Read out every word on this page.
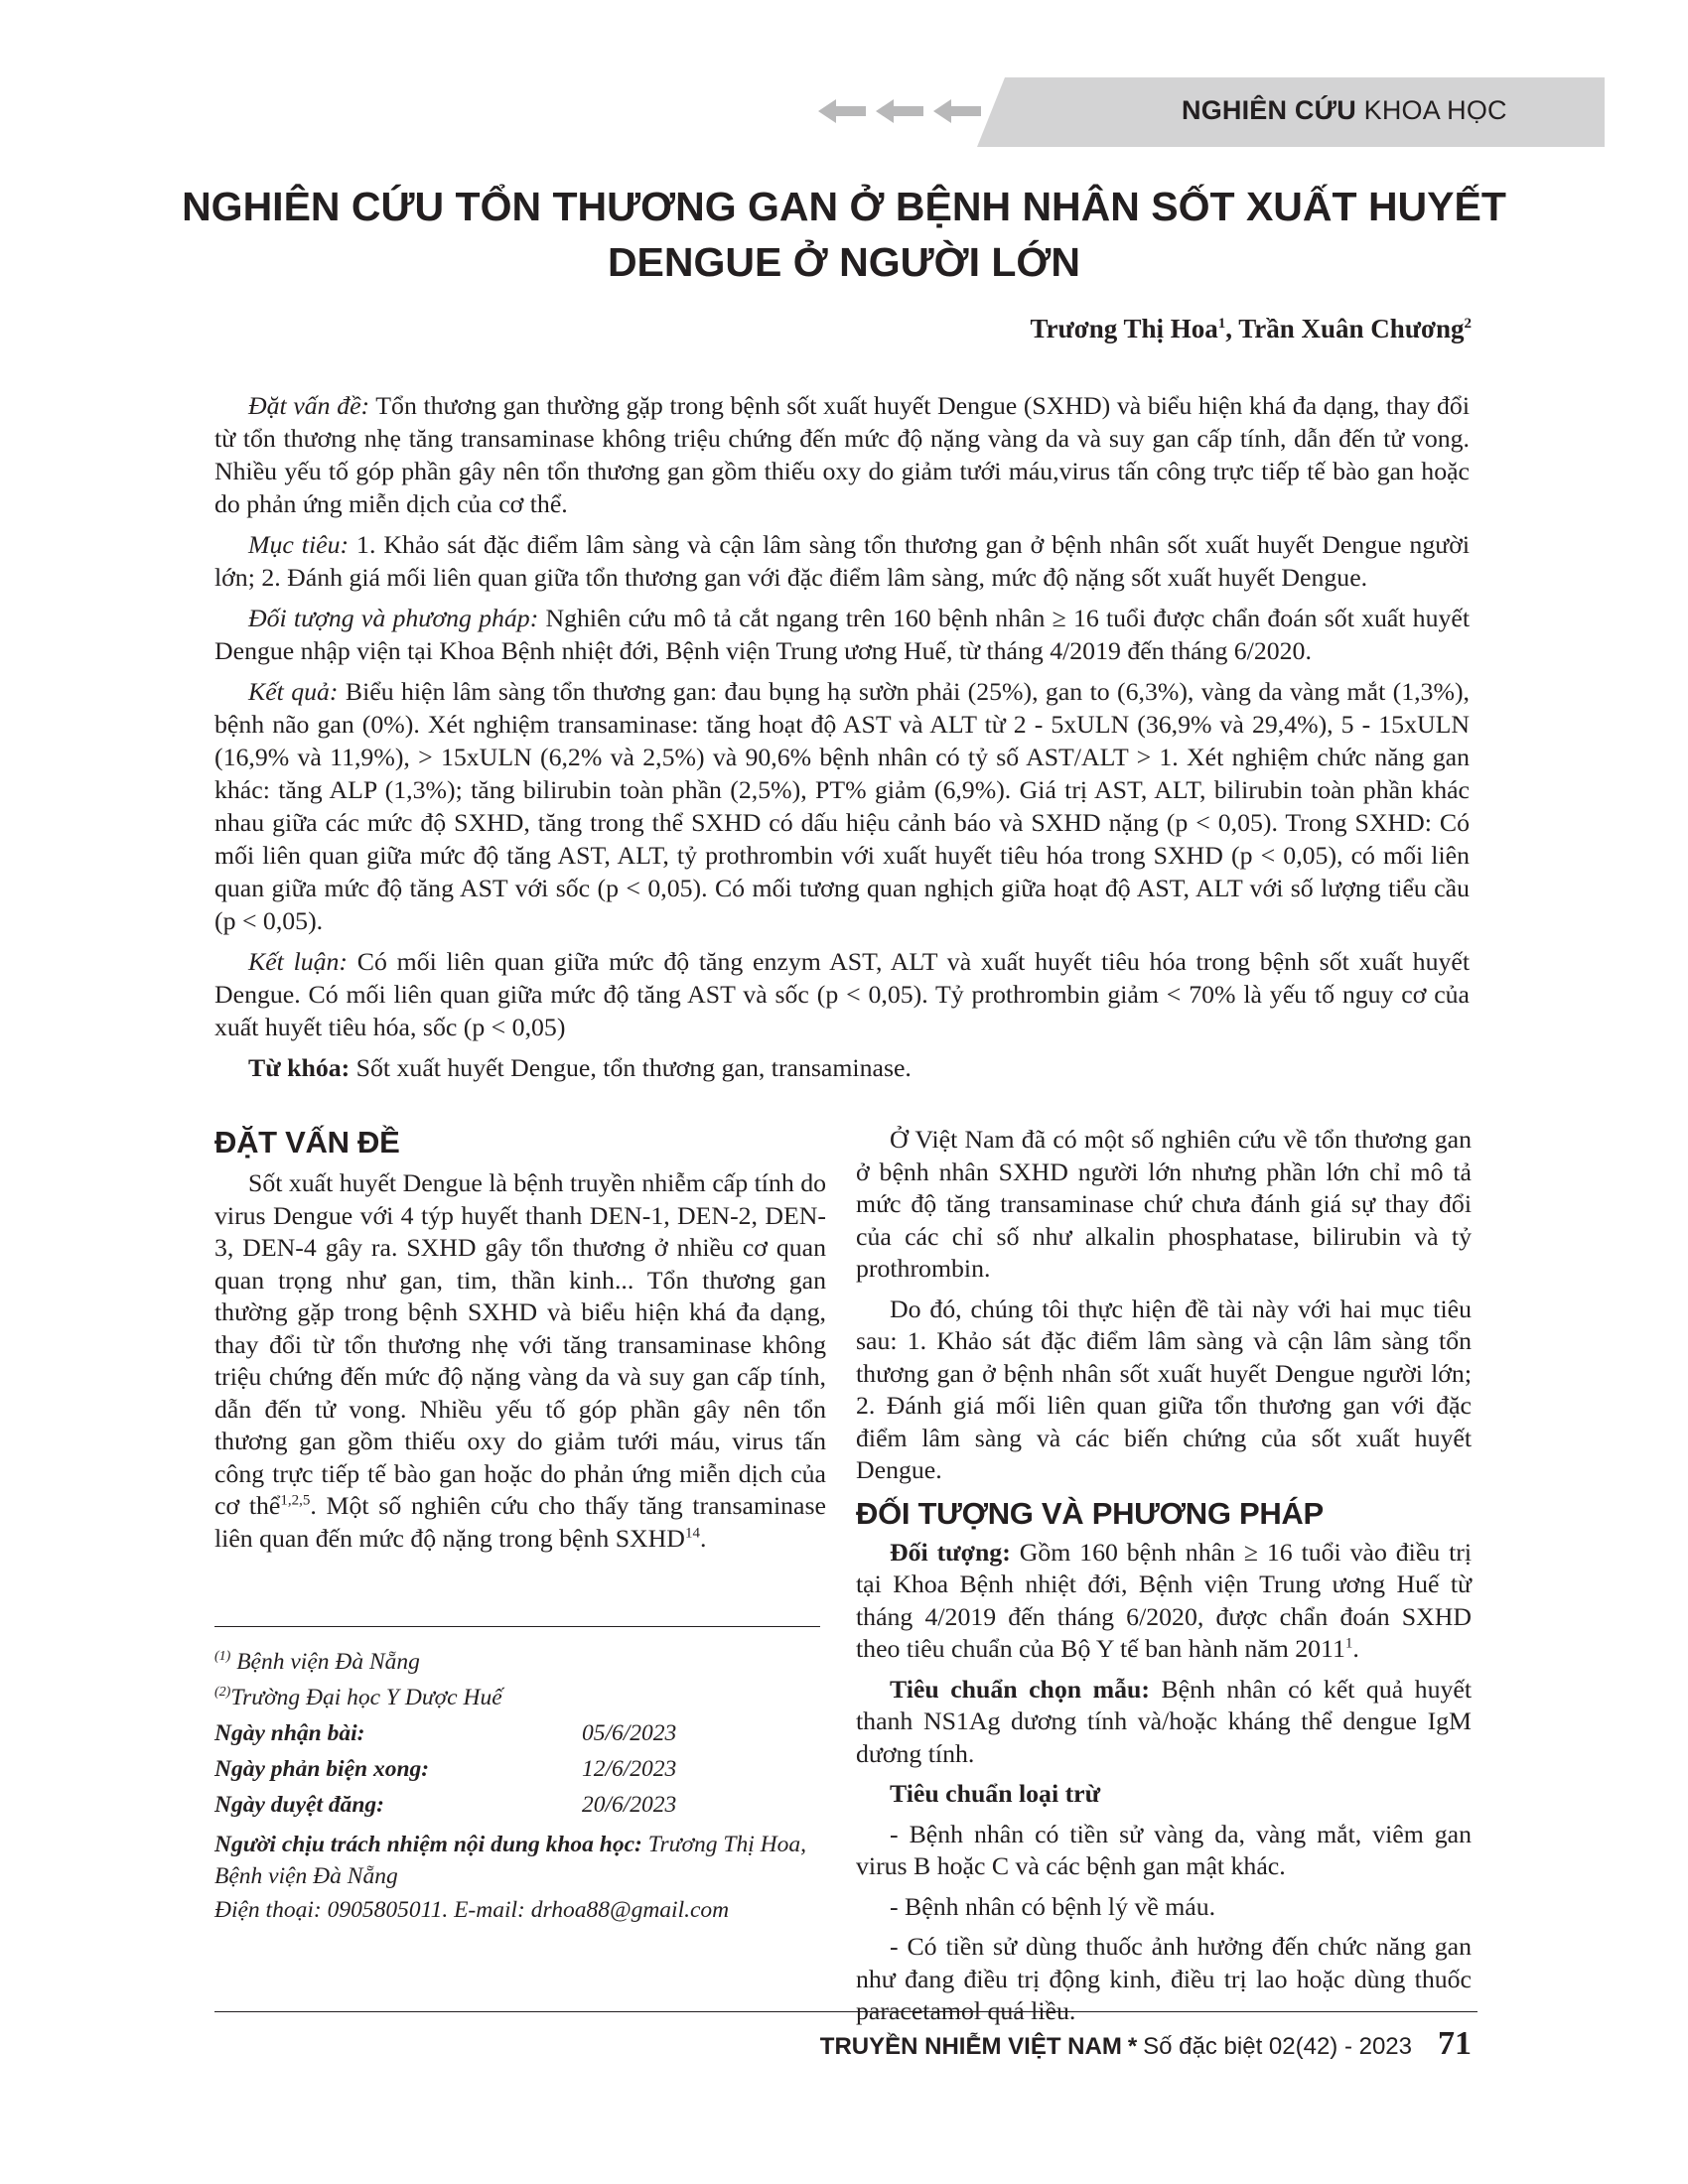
NGHIÊN CỨU KHOA HỌC
NGHIÊN CỨU TỔN THƯƠNG GAN Ở BỆNH NHÂN SỐT XUẤT HUYẾT DENGUE Ở NGƯỜI LỚN
Trương Thị Hoa$^1$, Trần Xuân Chương$^2$

Đặt vấn đề: Tổn thương gan thường gặp trong bệnh sốt xuất huyết Dengue (SXHD) và biểu hiện khá đa dạng, thay đổi từ tổn thương nhẹ tăng transaminase không triệu chứng đến mức độ nặng vàng da và suy gan cấp tính, dẫn đến tử vong. Nhiều yếu tố góp phần gây nên tổn thương gan gồm thiếu oxy do giảm tưới máu,virus tấn công trực tiếp tế bào gan hoặc do phản ứng miễn dịch của cơ thể.

Mục tiêu: 1. Khảo sát đặc điểm lâm sàng và cận lâm sàng tổn thương gan ở bệnh nhân sốt xuất huyết Dengue người lớn; 2. Đánh giá mối liên quan giữa tổn thương gan với đặc điểm lâm sàng, mức độ nặng sốt xuất huyết Dengue.

Đối tượng và phương pháp: Nghiên cứu mô tả cắt ngang trên 160 bệnh nhân ≥ 16 tuổi được chẩn đoán sốt xuất huyết Dengue nhập viện tại Khoa Bệnh nhiệt đới, Bệnh viện Trung ương Huế, từ tháng 4/2019 đến tháng 6/2020.

Kết quả: Biểu hiện lâm sàng tổn thương gan: đau bụng hạ sườn phải (25%), gan to (6,3%), vàng da vàng mắt (1,3%), bệnh não gan (0%). Xét nghiệm transaminase: tăng hoạt độ AST và ALT từ 2 - 5xULN (36,9% và 29,4%), 5 - 15xULN (16,9% và 11,9%), > 15xULN (6,2% và 2,5%) và 90,6% bệnh nhân có tỷ số AST/ALT > 1. Xét nghiệm chức năng gan khác: tăng ALP (1,3%); tăng bilirubin toàn phần (2,5%), PT% giảm (6,9%). Giá trị AST, ALT, bilirubin toàn phần khác nhau giữa các mức độ SXHD, tăng trong thể SXHD có dấu hiệu cảnh báo và SXHD nặng (p < 0,05). Trong SXHD: Có mối liên quan giữa mức độ tăng AST, ALT, tỷ prothrombin với xuất huyết tiêu hóa trong SXHD (p < 0,05), có mối liên quan giữa mức độ tăng AST với sốc (p < 0,05). Có mối tương quan nghịch giữa hoạt độ AST, ALT với số lượng tiểu cầu (p < 0,05).

Kết luận: Có mối liên quan giữa mức độ tăng enzym AST, ALT và xuất huyết tiêu hóa trong bệnh sốt xuất huyết Dengue. Có mối liên quan giữa mức độ tăng AST và sốc (p < 0,05). Tỷ prothrombin giảm < 70% là yếu tố nguy cơ của xuất huyết tiêu hóa, sốc (p < 0,05)

Từ khóa: Sốt xuất huyết Dengue, tổn thương gan, transaminase.

ĐẶT VẤN ĐỀ

Sốt xuất huyết Dengue là bệnh truyền nhiễm cấp tính do virus Dengue với 4 týp huyết thanh DEN-1, DEN-2, DEN-3, DEN-4 gây ra. SXHD gây tổn thương ở nhiều cơ quan quan trọng như gan, tim, thần kinh... Tổn thương gan thường gặp trong bệnh SXHD và biểu hiện khá đa dạng, thay đổi từ tổn thương nhẹ với tăng transaminase không triệu chứng đến mức độ nặng vàng da và suy gan cấp tính, dẫn đến tử vong. Nhiều yếu tố góp phần gây nên tổn thương gan gồm thiếu oxy do giảm tưới máu, virus tấn công trực tiếp tế bào gan hoặc do phản ứng miễn dịch của cơ thể$^{1,2,5}$. Một số nghiên cứu cho thấy tăng transaminase liên quan đến mức độ nặng trong bệnh SXHD$^{14}$.

Ở Việt Nam đã có một số nghiên cứu về tổn thương gan ở bệnh nhân SXHD người lớn nhưng phần lớn chỉ mô tả mức độ tăng transaminase chứ chưa đánh giá sự thay đổi của các chỉ số như alkalin phosphatase, bilirubin và tỷ prothrombin.

Do đó, chúng tôi thực hiện đề tài này với hai mục tiêu sau: 1. Khảo sát đặc điểm lâm sàng và cận lâm sàng tổn thương gan ở bệnh nhân sốt xuất huyết Dengue người lớn; 2. Đánh giá mối liên quan giữa tổn thương gan với đặc điểm lâm sàng và các biến chứng của sốt xuất huyết Dengue.

ĐỐI TƯỢNG VÀ PHƯƠNG PHÁP

Đối tượng: Gồm 160 bệnh nhân ≥ 16 tuổi vào điều trị tại Khoa Bệnh nhiệt đới, Bệnh viện Trung ương Huế từ tháng 4/2019 đến tháng 6/2020, được chẩn đoán SXHD theo tiêu chuẩn của Bộ Y tế ban hành năm 2011$^1$.

Tiêu chuẩn chọn mẫu: Bệnh nhân có kết quả huyết thanh NS1Ag dương tính và/hoặc kháng thể dengue IgM dương tính.

Tiêu chuẩn loại trừ

- Bệnh nhân có tiền sử vàng da, vàng mắt, viêm gan virus B hoặc C và các bệnh gan mật khác.

- Bệnh nhân có bệnh lý về máu.

- Có tiền sử dùng thuốc ảnh hưởng đến chức năng gan như đang điều trị động kinh, điều trị lao hoặc dùng thuốc paracetamol quá liều.

$^{(1)}$ Bệnh viện Đà Nẵng
$^{(2)}$Trường Đại học Y Dược Huế
Ngày nhận bài:	05/6/2023
Ngày phản biện xong:	12/6/2023
Ngày duyệt đăng:	20/6/2023
Người chịu trách nhiệm nội dung khoa học: Trương Thị Hoa, Bệnh viện Đà Nẵng
Điện thoại: 0905805011. E-mail: drhoa88@gmail.com
TRUYỀN NHIỄM VIỆT NAM * Số đặc biệt 02(42) - 2023 71
